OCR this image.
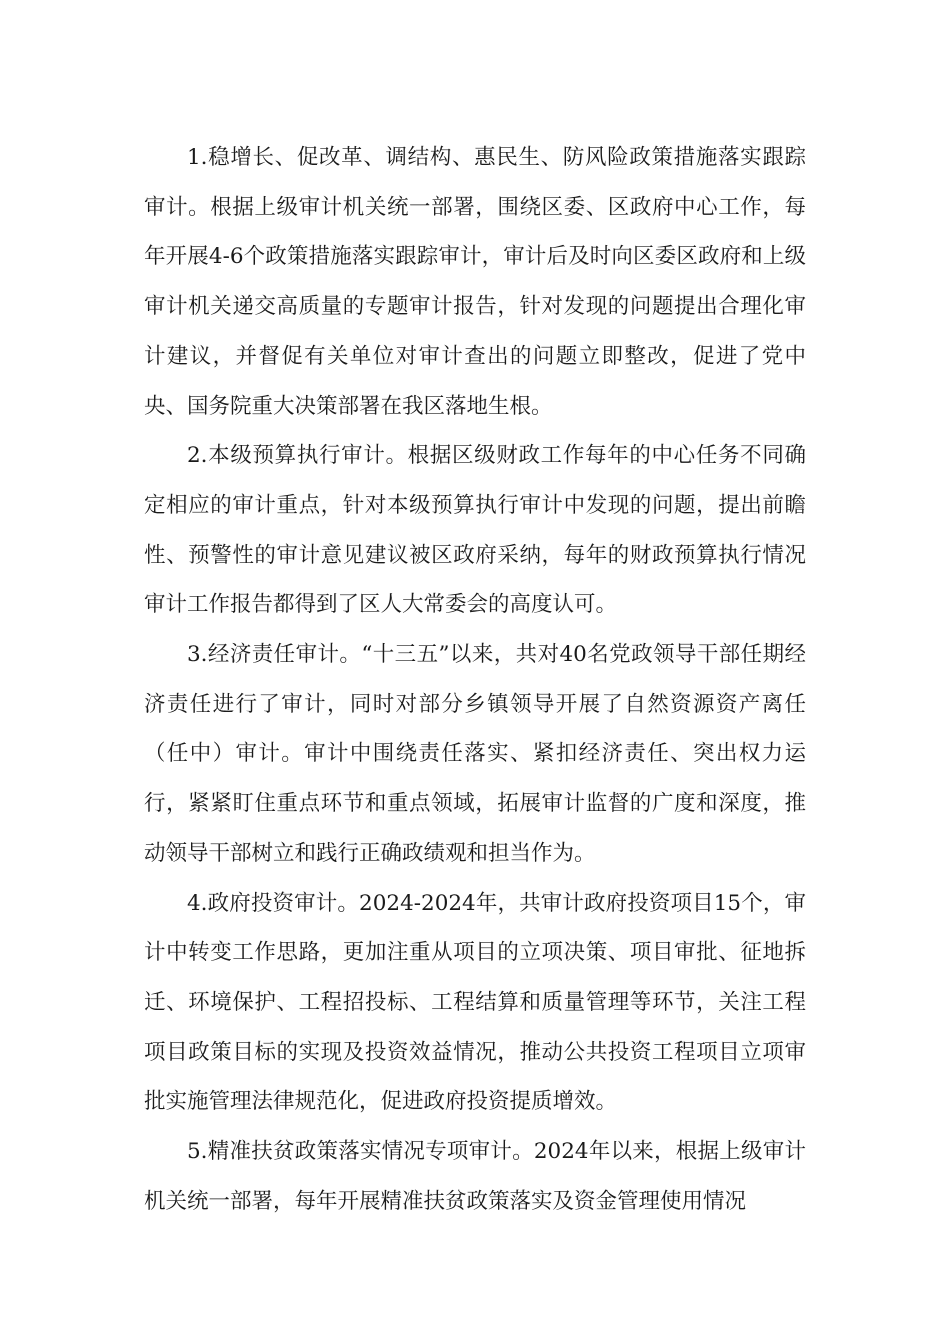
1.稳增长、促改革、调结构、惠民生、防风险政策措施落实跟踪审计。根据上级审计机关统一部署，围绕区委、区政府中心工作，每年开展4-6个政策措施落实跟踪审计，审计后及时向区委区政府和上级审计机关递交高质量的专题审计报告，针对发现的问题提出合理化审计建议，并督促有关单位对审计查出的问题立即整改，促进了党中央、国务院重大决策部署在我区落地生根。

2.本级预算执行审计。根据区级财政工作每年的中心任务不同确定相应的审计重点，针对本级预算执行审计中发现的问题，提出前瞻性、预警性的审计意见建议被区政府采纳，每年的财政预算执行情况审计工作报告都得到了区人大常委会的高度认可。

3.经济责任审计。“十三五”以来，共对40名党政领导干部任期经济责任进行了审计，同时对部分乡镇领导开展了自然资源资产离任（任中）审计。审计中围绕责任落实、紧扣经济责任、突出权力运行，紧紧盯住重点环节和重点领域，拓展审计监督的广度和深度，推动领导干部树立和践行正确政绩观和担当作为。

4.政府投资审计。2024-2024年，共审计政府投资项目15个，审计中转变工作思路，更加注重从项目的立项决策、项目审批、征地拆迁、环境保护、工程招投标、工程结算和质量管理等环节，关注工程项目政策目标的实现及投资效益情况，推动公共投资工程项目立项审批实施管理法律规范化，促进政府投资提质增效。

5.精准扶贫政策落实情况专项审计。2024年以来，根据上级审计机关统一部署，每年开展精准扶贫政策落实及资金管理使用情况
